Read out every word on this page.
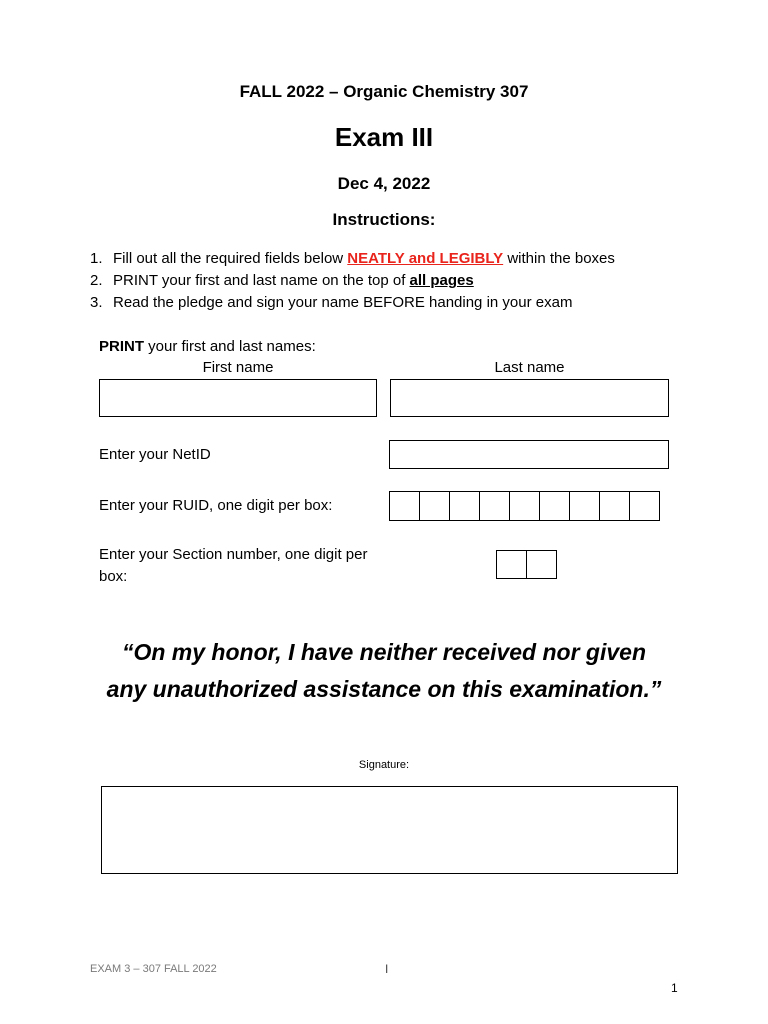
FALL 2022 – Organic Chemistry 307
Exam III
Dec 4, 2022
Instructions:
1. Fill out all the required fields below NEATLY and LEGIBLY within the boxes
2. PRINT your first and last name on the top of all pages
3. Read the pledge and sign your name BEFORE handing in your exam
PRINT your first and last names:
First name	Last name
Enter your NetID
Enter your RUID, one digit per box:
Enter your Section number, one digit per box:
“On my honor, I have neither received nor given
any unauthorized assistance on this examination.”
Signature:
EXAM 3 – 307 FALL 2022	I
1
